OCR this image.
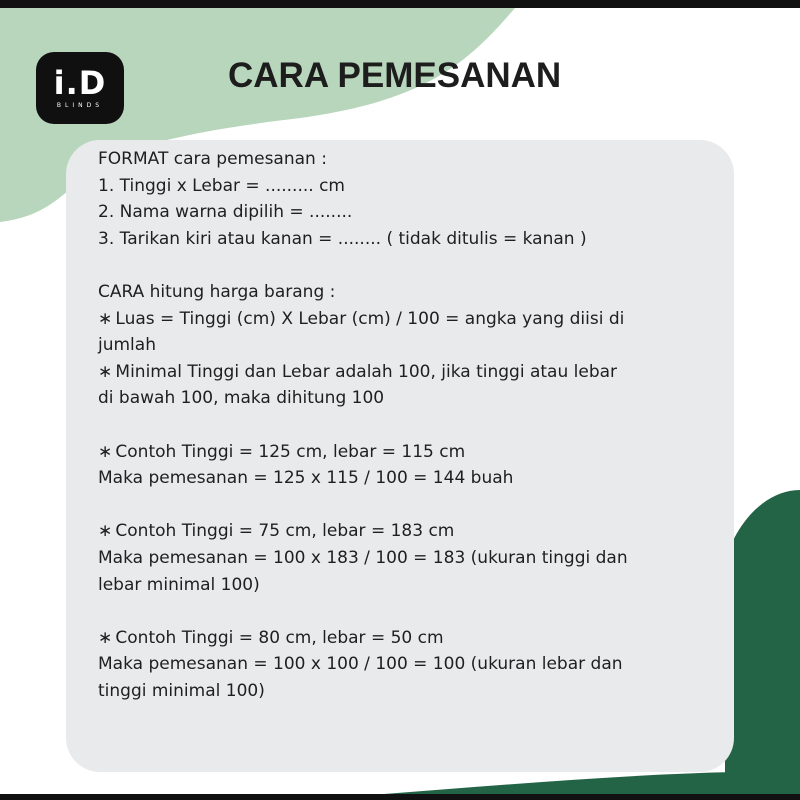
i.D
BLINDS
CARA PEMESANAN
FORMAT cara pemesanan :
1. Tinggi x Lebar = ......... cm
2. Nama warna dipilih = ........
3. Tarikan kiri atau kanan = ........ ( tidak ditulis = kanan )
CARA hitung harga barang :
∗ Luas = Tinggi (cm) X Lebar (cm) / 100 = angka yang diisi di
jumlah
∗ Minimal Tinggi dan Lebar adalah 100, jika tinggi atau lebar
di bawah 100, maka dihitung 100
∗ Contoh Tinggi = 125 cm, lebar = 115 cm
Maka pemesanan = 125 x 115 / 100 = 144 buah
∗ Contoh Tinggi = 75 cm, lebar = 183 cm
Maka pemesanan = 100 x 183 / 100 = 183 (ukuran tinggi dan
lebar minimal 100)
∗ Contoh Tinggi = 80 cm, lebar = 50 cm
Maka pemesanan = 100 x 100 / 100 = 100 (ukuran lebar dan
tinggi minimal 100)
